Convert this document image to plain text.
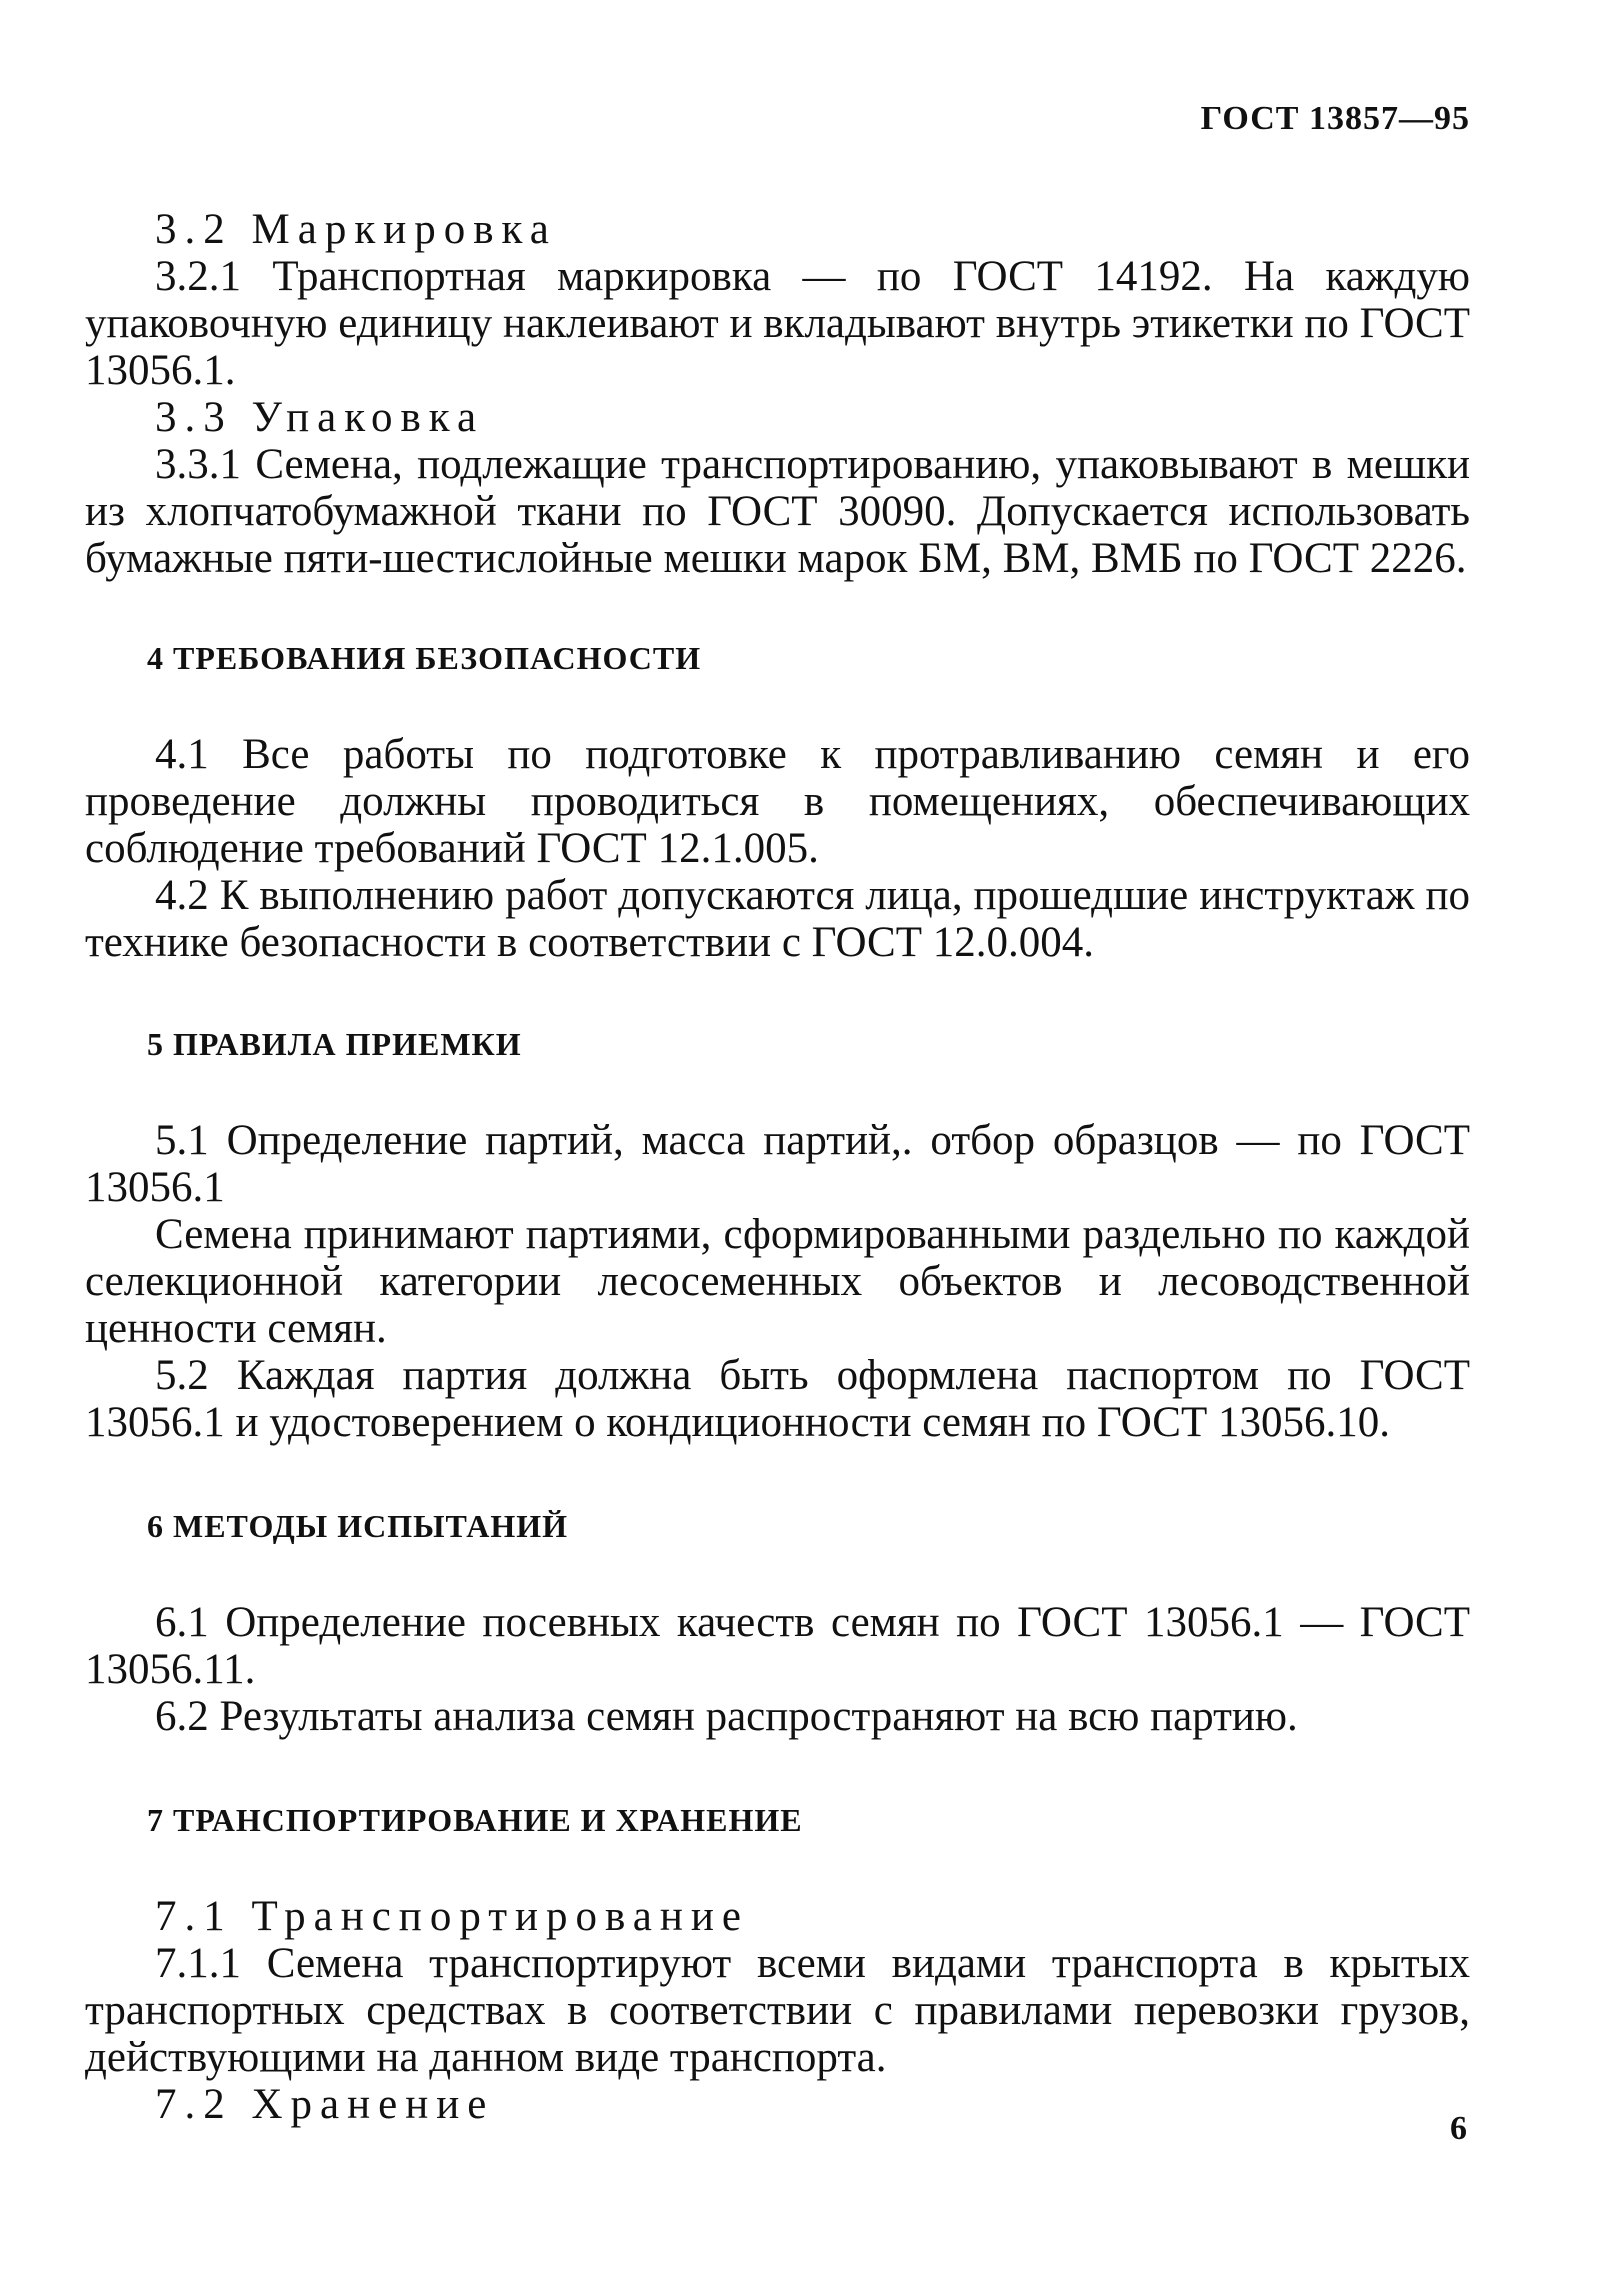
ГОСТ 13857—95

3.2 Маркировка

3.2.1 Транспортная маркировка — по ГОСТ 14192. На каждую упаковочную единицу наклеивают и вкладывают внутрь этикетки по ГОСТ 13056.1.

3.3 Упаковка

3.3.1 Семена, подлежащие транспортированию, упаковывают в мешки из хлопчатобумажной ткани по ГОСТ 30090. Допускается использовать бумажные пяти-шестислойные мешки марок БМ, ВМ, ВМБ по ГОСТ 2226.

4 ТРЕБОВАНИЯ БЕЗОПАСНОСТИ

4.1 Все работы по подготовке к протравливанию семян и его проведение должны проводиться в помещениях, обеспечивающих соблюдение требований ГОСТ 12.1.005.

4.2 К выполнению работ допускаются лица, прошедшие инструктаж по технике безопасности в соответствии с ГОСТ 12.0.004.

5 ПРАВИЛА ПРИЕМКИ

5.1 Определение партий, масса партий,. отбор образцов — по ГОСТ 13056.1

Семена принимают партиями, сформированными раздельно по каждой селекционной категории лесосеменных объектов и лесоводственной ценности семян.

5.2 Каждая партия должна быть оформлена паспортом по ГОСТ 13056.1 и удостоверением о кондиционности семян по ГОСТ 13056.10.

6 МЕТОДЫ ИСПЫТАНИЙ

6.1 Определение посевных качеств семян по ГОСТ 13056.1 — ГОСТ 13056.11.

6.2 Результаты анализа семян распространяют на всю партию.

7 ТРАНСПОРТИРОВАНИЕ И ХРАНЕНИЕ

7.1 Транспортирование

7.1.1 Семена транспортируют всеми видами транспорта в крытых транспортных средствах в соответствии с правилами перевозки грузов, действующими на данном виде транспорта.

7.2 Хранение

6
